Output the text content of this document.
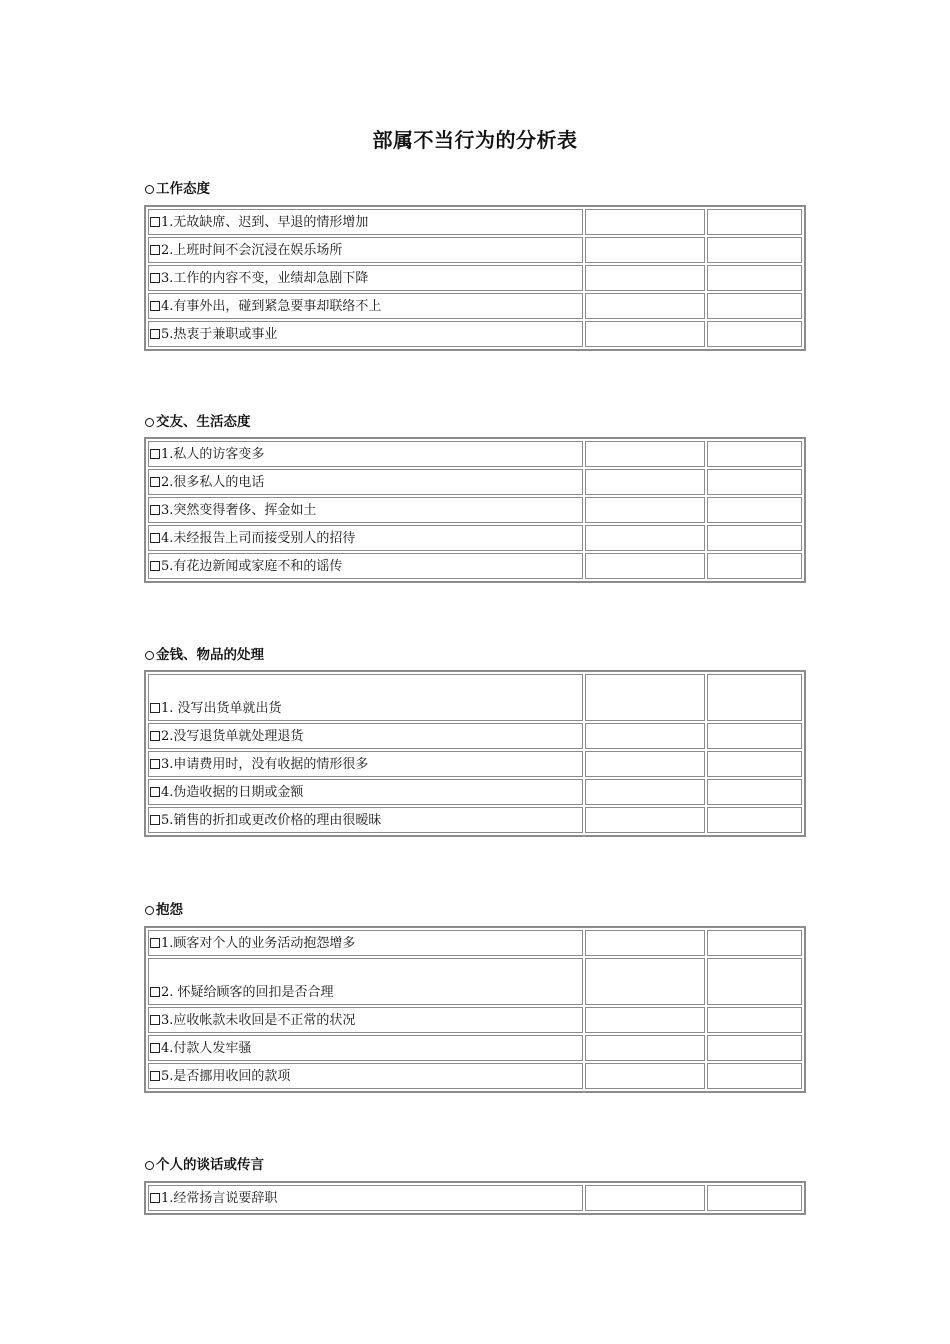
部属不当行为的分析表
工作态度
1.无故缺席、迟到、早退的情形增加		
2.上班时间不会沉浸在娱乐场所		
3.工作的内容不变，业绩却急剧下降		
4.有事外出，碰到紧急要事却联络不上		
5.热衷于兼职或事业		
交友、生活态度
1.私人的访客变多		
2.很多私人的电话		
3.突然变得奢侈、挥金如土		
4.未经报告上司而接受别人的招待		
5.有花边新闻或家庭不和的谣传		
金钱、物品的处理
1. 没写出货单就出货		
2.没写退货单就处理退货		
3.申请费用时，没有收据的情形很多		
4.伪造收据的日期或金额		
5.销售的折扣或更改价格的理由很暧昧		
抱怨
1.顾客对个人的业务活动抱怨增多		
2. 怀疑给顾客的回扣是否合理		
3.应收帐款未收回是不正常的状况		
4.付款人发牢骚		
5.是否挪用收回的款项		
个人的谈话或传言
1.经常扬言说要辞职		
